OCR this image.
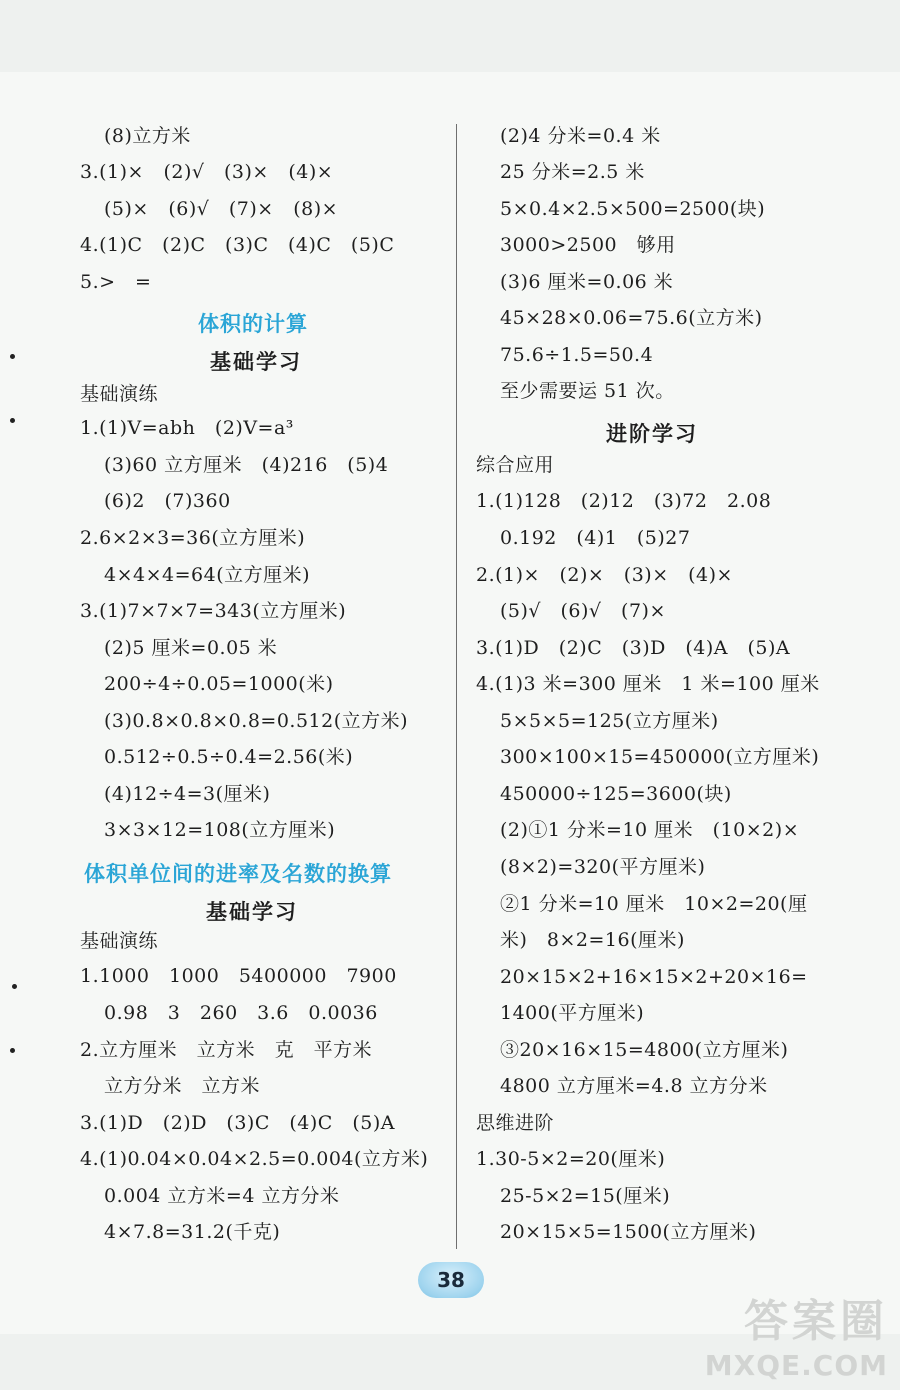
(8)立方米
3.(1)×　(2)√　(3)×　(4)×
(5)×　(6)√　(7)×　(8)×
4.(1)C　(2)C　(3)C　(4)C　(5)C
5.>　=
体积的计算
基础学习
基础演练
1.(1)V=abh　(2)V=a³
(3)60 立方厘米　(4)216　(5)4
(6)2　(7)360
2.6×2×3=36(立方厘米)
4×4×4=64(立方厘米)
3.(1)7×7×7=343(立方厘米)
(2)5 厘米=0.05 米
200÷4÷0.05=1000(米)
(3)0.8×0.8×0.8=0.512(立方米)
0.512÷0.5÷0.4=2.56(米)
(4)12÷4=3(厘米)
3×3×12=108(立方厘米)
体积单位间的进率及名数的换算
基础学习
基础演练
1.1000　1000　5400000　7900
0.98　3　260　3.6　0.0036
2.立方厘米　立方米　克　平方米
立方分米　立方米
3.(1)D　(2)D　(3)C　(4)C　(5)A
4.(1)0.04×0.04×2.5=0.004(立方米)
0.004 立方米=4 立方分米
4×7.8=31.2(千克)
(2)4 分米=0.4 米
25 分米=2.5 米
5×0.4×2.5×500=2500(块)
3000>2500　够用
(3)6 厘米=0.06 米
45×28×0.06=75.6(立方米)
75.6÷1.5=50.4
至少需要运 51 次。
进阶学习
综合应用
1.(1)128　(2)12　(3)72　2.08
0.192　(4)1　(5)27
2.(1)×　(2)×　(3)×　(4)×
(5)√　(6)√　(7)×
3.(1)D　(2)C　(3)D　(4)A　(5)A
4.(1)3 米=300 厘米　1 米=100 厘米
5×5×5=125(立方厘米)
300×100×15=450000(立方厘米)
450000÷125=3600(块)
(2)①1 分米=10 厘米　(10×2)×
(8×2)=320(平方厘米)
②1 分米=10 厘米　10×2=20(厘
米)　8×2=16(厘米)
20×15×2+16×15×2+20×16=
1400(平方厘米)
③20×16×15=4800(立方厘米)
4800 立方厘米=4.8 立方分米
思维进阶
1.30-5×2=20(厘米)
25-5×2=15(厘米)
20×15×5=1500(立方厘米)
38
答案圈
MXQE.COM
